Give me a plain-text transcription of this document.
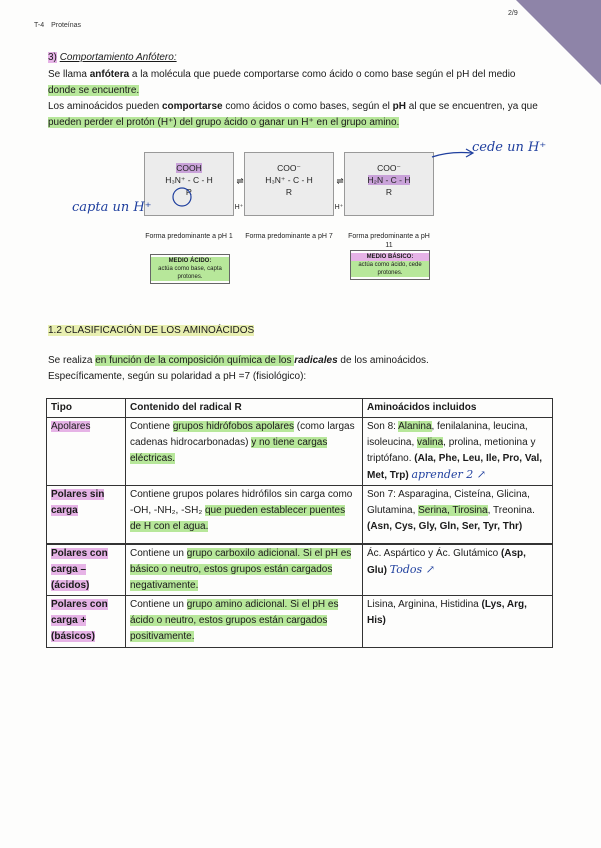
T-4 Proteínas
2/9
3) Comportamiento Anfótero:
Se llama anfótera a la molécula que puede comportarse como ácido o como base según el pH del medio
donde se encuentre.
Los aminoácidos pueden comportarse como ácidos o como bases, según el pH al que se encuentren, ya que
pueden perder el protón (H⁺) del grupo ácido o ganar un H⁺ en el grupo amino.
COOH
H₃N⁺ - C - H
R
COO⁻
H₃N⁺ - C - H
R
COO⁻
H₂N - C - H
R
⇌	⇌
H⁺	H⁺
Forma predominante a pH 1 Forma predominante a pH 7	Forma predominante a pH 11
MEDIO ÁCIDO:
actúa como base, capta protones.
MEDIO BÁSICO:
actúa como ácido, cede protones.
capta un H⁺
cede un H⁺
1.2 CLASIFICACIÓN DE LOS AMINOÁCIDOS
Se realiza en función de la composición química de los radicales de los aminoácidos.
Específicamente, según su polaridad a pH =7 (fisiológico):
Tipo	Contenido del radical R	Aminoácidos incluidos
Apolares	Contiene grupos hidrófobos apolares (como largas cadenas hidrocarbonadas) y no tiene cargas eléctricas.	Son 8: Alanina, fenilalanina, leucina, isoleucina, valina, prolina, metionina y triptófano. (Ala, Phe, Leu, Ile, Pro, Val, Met, Trp) aprender 2 ↗
Polares sin carga	Contiene grupos polares hidrófilos sin carga como -OH, -NH₂, -SH₂ que pueden establecer puentes de H con el agua.	Son 7: Asparagina, Cisteína, Glicina, Glutamina, Serina, Tirosina, Treonina. (Asn, Cys, Gly, Gln, Ser, Tyr, Thr)
Polares con carga – (ácidos)	Contiene un grupo carboxilo adicional. Si el pH es básico o neutro, estos grupos están cargados negativamente.	Ác. Aspártico y Ác. Glutámico (Asp, Glu) Todos ↗
Polares con carga + (básicos)	Contiene un grupo amino adicional. Si el pH es ácido o neutro, estos grupos están cargados positivamente.	Lisina, Arginina, Histidina (Lys, Arg, His)
